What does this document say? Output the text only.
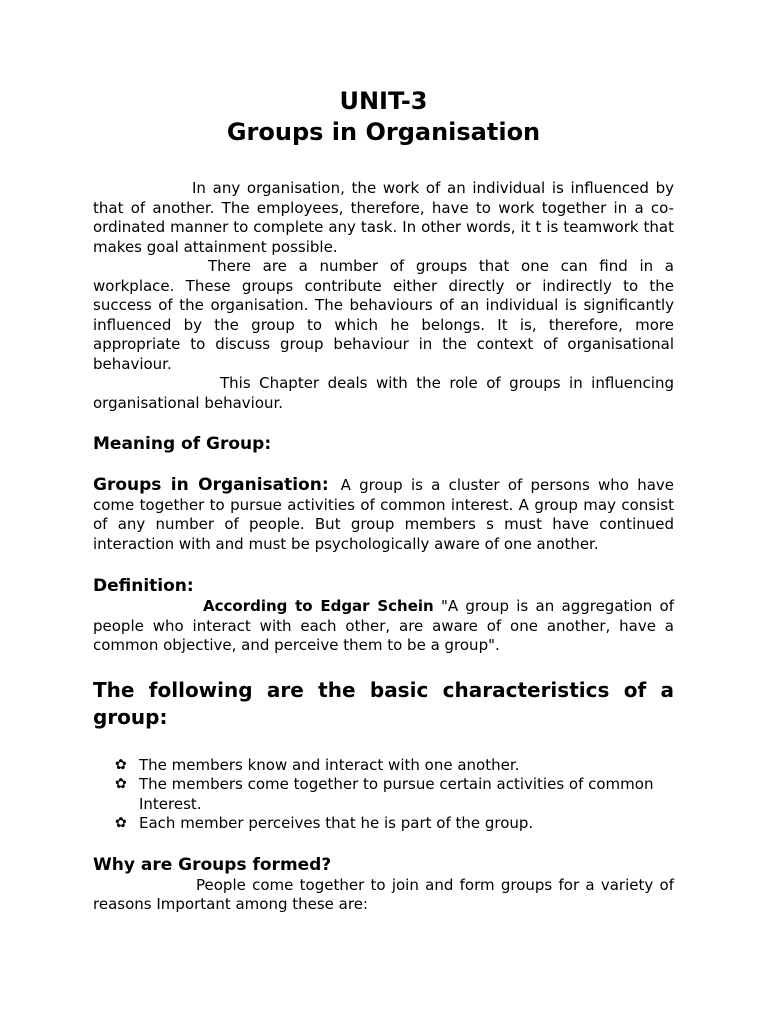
UNIT-3
Groups in Organisation

In any organisation, the work of an individual is influenced by that of another. The employees, therefore, have to work together in a co-ordinated manner to complete any task. In other words, it t is teamwork that makes goal attainment possible.

There are a number of groups that one can find in a workplace. These groups contribute either directly or indirectly to the success of the organisation. The behaviours of an individual is significantly influenced by the group to which he belongs. It is, therefore, more appropriate to discuss group behaviour in the context of organisational behaviour.

This Chapter deals with the role of groups in influencing organisational behaviour.

Meaning of Group:

Groups in Organisation: A group is a cluster of persons who have come together to pursue activities of common interest. A group may consist of any number of people. But group members s must have continued interaction with and must be psychologically aware of one another.

Definition:

According to Edgar Schein "A group is an aggregation of people who interact with each other, are aware of one another, have a common objective, and perceive them to be a group".

The following are the basic characteristics of a group:
✿ The members know and interact with one another.
✿ The members come together to pursue certain activities of common Interest.
✿ Each member perceives that he is part of the group.
Why are Groups formed?

People come together to join and form groups for a variety of reasons Important among these are:
